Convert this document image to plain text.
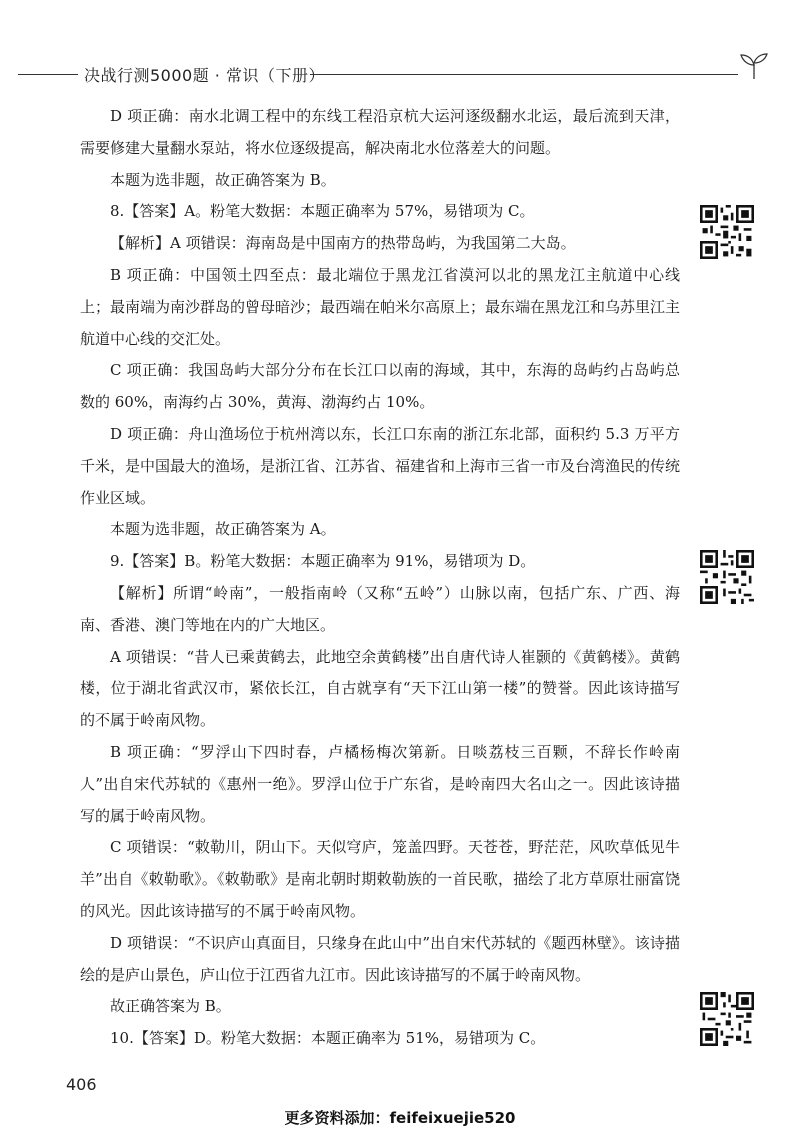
决战行测5000题 · 常识（下册）

D 项正确：南水北调工程中的东线工程沿京杭大运河逐级翻水北运，最后流到天津，需要修建大量翻水泵站，将水位逐级提高，解决南北水位落差大的问题。

本题为选非题，故正确答案为 B。

8.【答案】A。粉笔大数据：本题正确率为 57%，易错项为 C。

【解析】A 项错误：海南岛是中国南方的热带岛屿，为我国第二大岛。

B 项正确：中国领土四至点：最北端位于黑龙江省漠河以北的黑龙江主航道中心线上；最南端为南沙群岛的曾母暗沙；最西端在帕米尔高原上；最东端在黑龙江和乌苏里江主航道中心线的交汇处。

C 项正确：我国岛屿大部分分布在长江口以南的海域，其中，东海的岛屿约占岛屿总数的 60%，南海约占 30%，黄海、渤海约占 10%。

D 项正确：舟山渔场位于杭州湾以东，长江口东南的浙江东北部，面积约 5.3 万平方千米，是中国最大的渔场，是浙江省、江苏省、福建省和上海市三省一市及台湾渔民的传统作业区域。

本题为选非题，故正确答案为 A。

9.【答案】B。粉笔大数据：本题正确率为 91%，易错项为 D。

【解析】所谓“岭南”，一般指南岭（又称“五岭”）山脉以南，包括广东、广西、海南、香港、澳门等地在内的广大地区。

A 项错误：“昔人已乘黄鹤去，此地空余黄鹤楼”出自唐代诗人崔颢的《黄鹤楼》。黄鹤楼，位于湖北省武汉市，紧依长江，自古就享有“天下江山第一楼”的赞誉。因此该诗描写的不属于岭南风物。

B 项正确：“罗浮山下四时春，卢橘杨梅次第新。日啖荔枝三百颗，不辞长作岭南人”出自宋代苏轼的《惠州一绝》。罗浮山位于广东省，是岭南四大名山之一。因此该诗描写的属于岭南风物。

C 项错误：“敕勒川，阴山下。天似穹庐，笼盖四野。天苍苍，野茫茫，风吹草低见牛羊”出自《敕勒歌》。《敕勒歌》是南北朝时期敕勒族的一首民歌，描绘了北方草原壮丽富饶的风光。因此该诗描写的不属于岭南风物。

D 项错误：“不识庐山真面目，只缘身在此山中”出自宋代苏轼的《题西林壁》。该诗描绘的是庐山景色，庐山位于江西省九江市。因此该诗描写的不属于岭南风物。

故正确答案为 B。

10.【答案】D。粉笔大数据：本题正确率为 51%，易错项为 C。

406
更多资料添加：feifeixuejie520
